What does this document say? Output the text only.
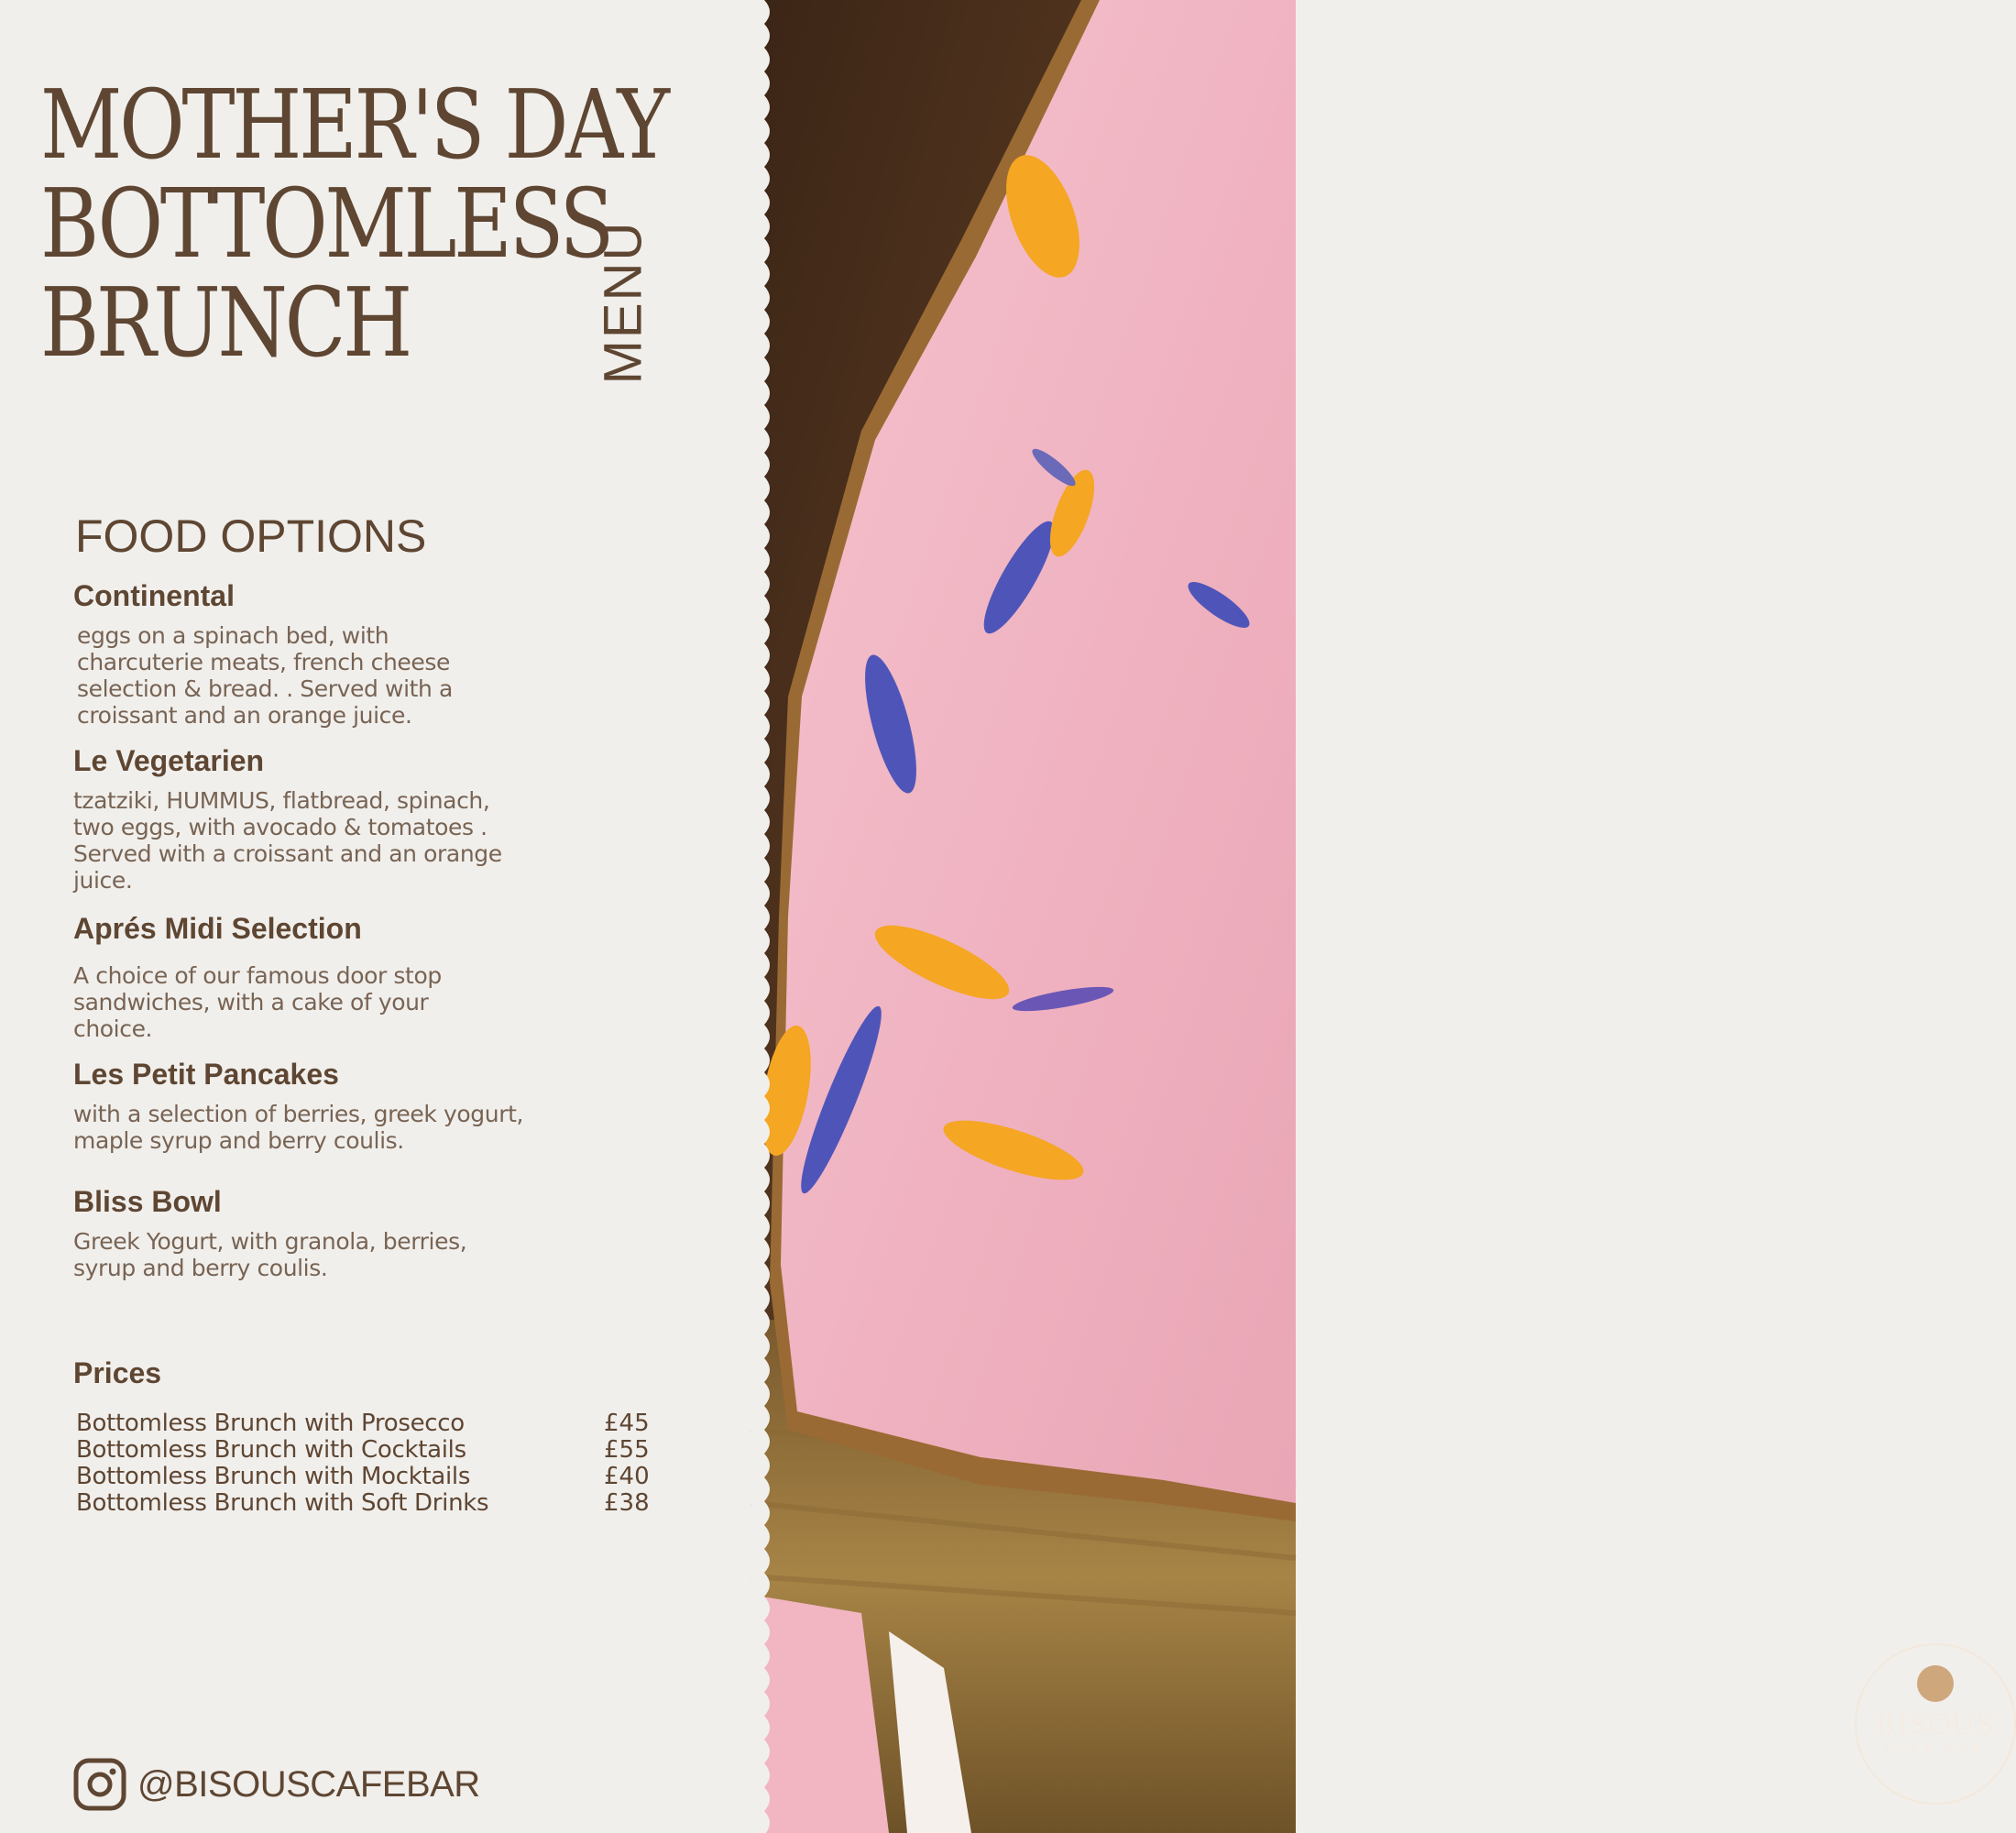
BISOUS
CAFE BAR
MOTHER'S DAY
BOTTOMLESS
BRUNCH	MENU
FOOD OPTIONS
Continental

eggs on a spinach bed, with charcuterie meats, french cheese selection & bread. . Served with a croissant and an orange juice.

Le Vegetarien

tzatziki, HUMMUS, flatbread, spinach, two eggs, with avocado & tomatoes . Served with a croissant and an orange juice.

Aprés Midi Selection

A choice of our famous door stop sandwiches, with a cake of your choice.

Les Petit Pancakes

with a selection of berries, greek yogurt, maple syrup and berry coulis.

Bliss Bowl

Greek Yogurt, with granola, berries, syrup and berry coulis.

Prices
Bottomless Brunch with Prosecco	£45
Bottomless Brunch with Cocktails	£55
Bottomless Brunch with Mocktails	£40
Bottomless Brunch with Soft Drinks	£38
@BISOUSCAFEBAR
